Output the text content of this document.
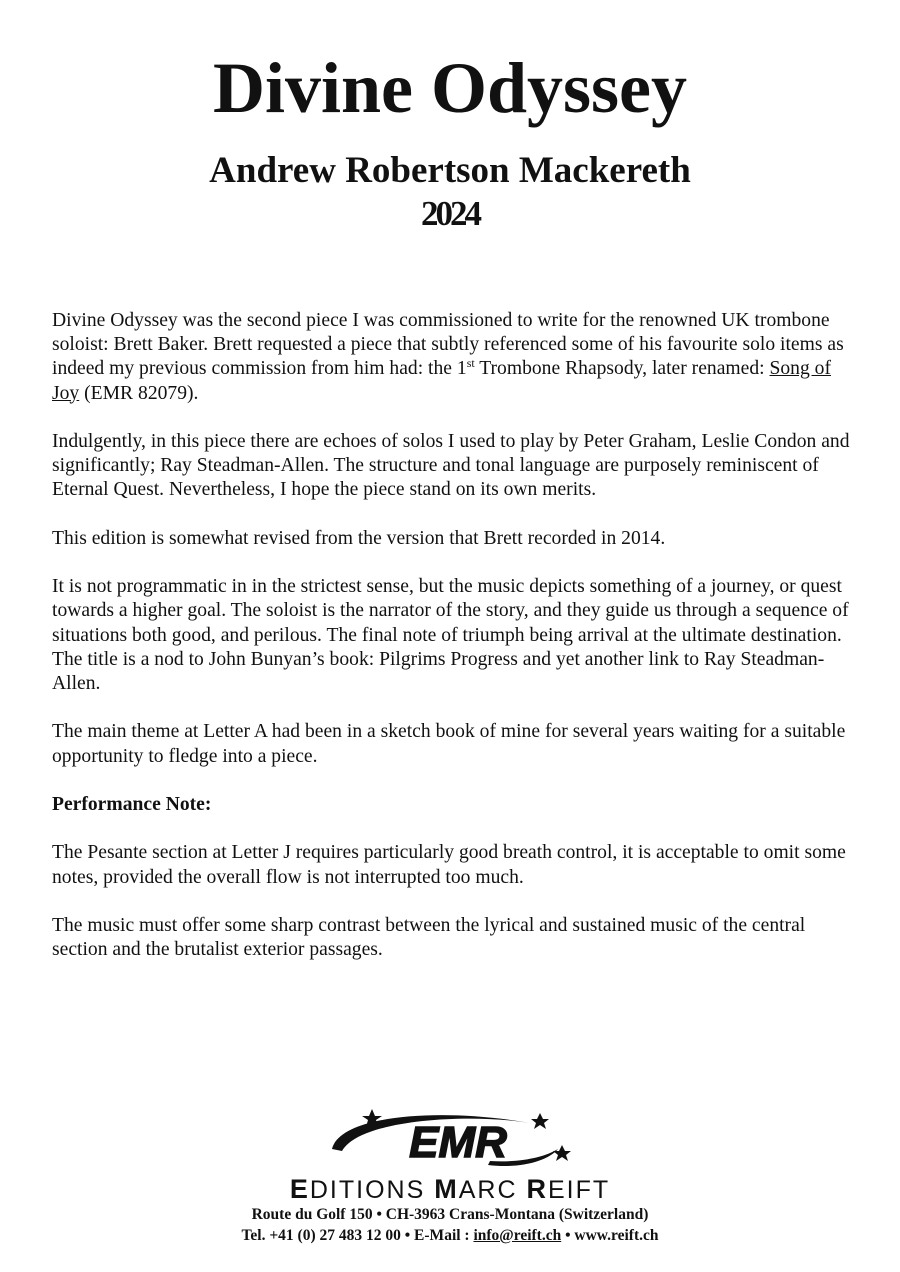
Divine Odyssey
Andrew Robertson Mackereth
2024

Divine Odyssey was the second piece I was commissioned to write for the renowned UK trombone soloist: Brett Baker. Brett requested a piece that subtly referenced some of his favourite solo items as indeed my previous commission from him had: the 1st Trombone Rhapsody, later renamed: Song of Joy (EMR 82079).

Indulgently, in this piece there are echoes of solos I used to play by Peter Graham, Leslie Condon and significantly; Ray Steadman-Allen. The structure and tonal language are purposely reminiscent of Eternal Quest. Nevertheless, I hope the piece stand on its own merits.

This edition is somewhat revised from the version that Brett recorded in 2014.

It is not programmatic in in the strictest sense, but the music depicts something of a journey, or quest towards a higher goal. The soloist is the narrator of the story, and they guide us through a sequence of situations both good, and perilous. The final note of triumph being arrival at the ultimate destination. The title is a nod to John Bunyan’s book: Pilgrims Progress and yet another link to Ray Steadman-Allen.

The main theme at Letter A had been in a sketch book of mine for several years waiting for a suitable opportunity to fledge into a piece.

Performance Note:

The Pesante section at Letter J requires particularly good breath control, it is acceptable to omit some notes, provided the overall flow is not interrupted too much.

The music must offer some sharp contrast between the lyrical and sustained music of the central section and the brutalist exterior passages.

EMR

EDITIONS MARC REIFT

Route du Golf 150 • CH-3963 Crans-Montana (Switzerland)

Tel. +41 (0) 27 483 12 00 • E-Mail : info@reift.ch • www.reift.ch
